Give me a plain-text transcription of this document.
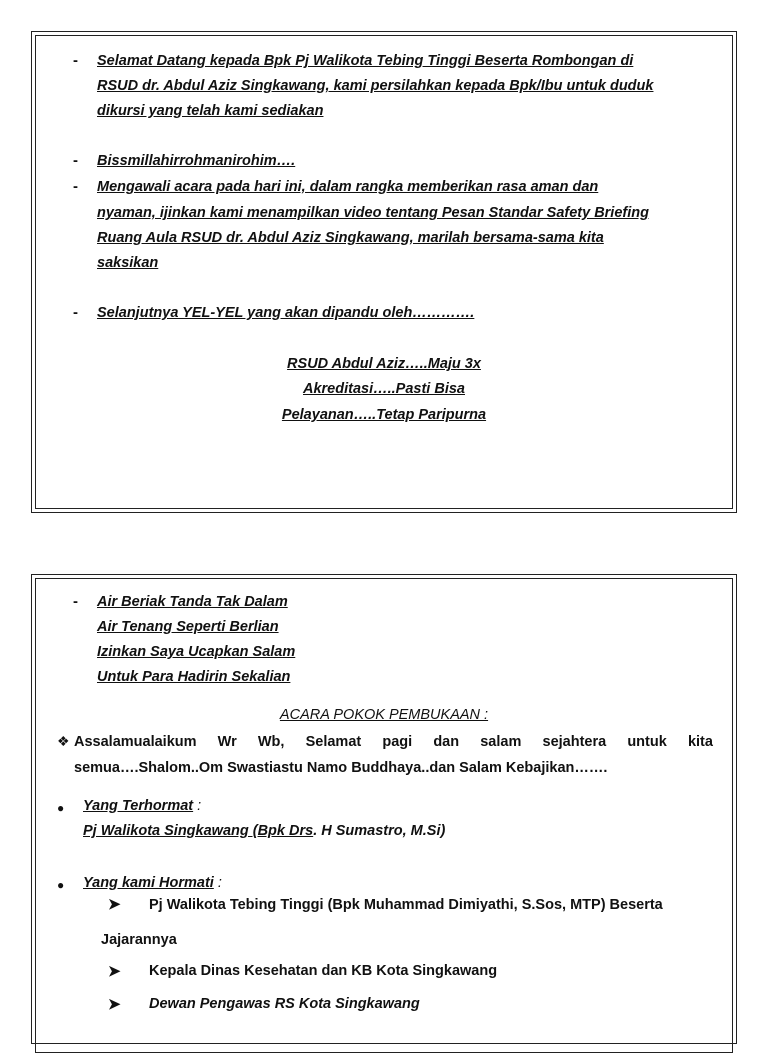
- Selamat Datang kepada Bpk Pj Walikota Tebing Tinggi Beserta Rombongan di
RSUD dr. Abdul Aziz Singkawang, kami persilahkan kepada Bpk/Ibu untuk duduk
dikursi yang telah kami sediakan
- Bissmillahirrohmanirohim….
- Mengawali acara pada hari ini, dalam rangka memberikan rasa aman dan
nyaman, ijinkan kami menampilkan video tentang Pesan Standar Safety Briefing
Ruang Aula RSUD dr. Abdul Aziz Singkawang, marilah bersama-sama kita
saksikan
- Selanjutnya YEL-YEL yang akan dipandu oleh………….
RSUD Abdul Aziz…..Maju 3x
Akreditasi…..Pasti Bisa
Pelayanan…..Tetap Paripurna
- Air Beriak Tanda Tak Dalam
Air Tenang Seperti Berlian
Izinkan Saya Ucapkan Salam
Untuk Para Hadirin Sekalian
ACARA POKOK PEMBUKAAN :
❖ Assalamualaikum Wr Wb, Selamat pagi dan salam sejahtera untuk kita
semua….Shalom..Om Swastiastu Namo Buddhaya..dan Salam Kebajikan…….
● Yang Terhormat :
Pj Walikota Singkawang (Bpk Drs. H Sumastro, M.Si)
● Yang kami Hormati :
➤ Pj Walikota Tebing Tinggi (Bpk Muhammad Dimiyathi, S.Sos, MTP) Beserta
Jajarannya
➤ Kepala Dinas Kesehatan dan KB Kota Singkawang
➤ Dewan Pengawas RS Kota Singkawang
